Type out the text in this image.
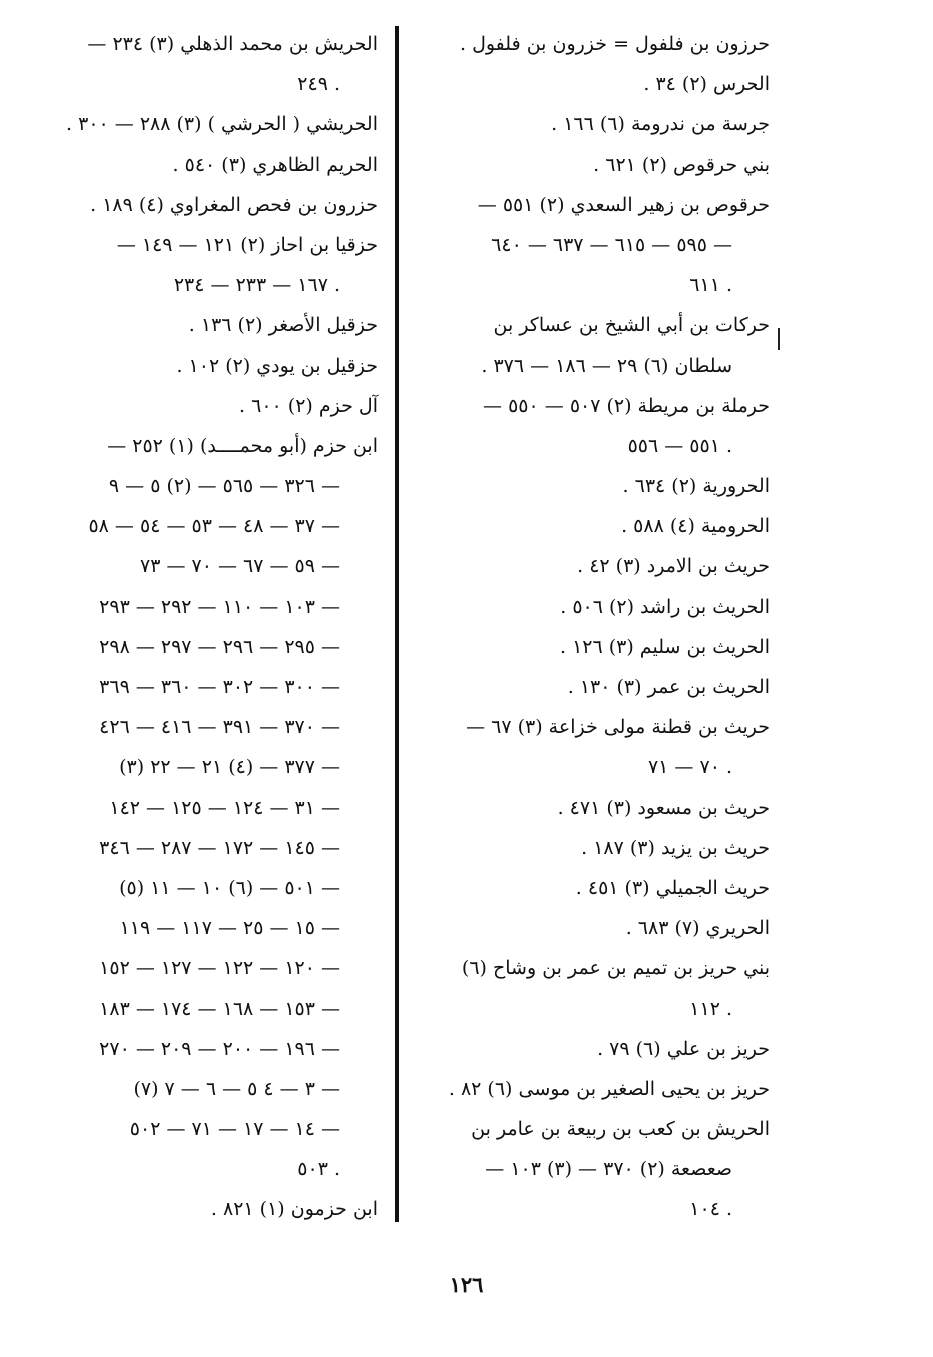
حرزون بن فلفول = خزرون بن فلفول .
الحرس (٢) ٣٤ .
جرسة من ندرومة (٦) ١٦٦ .
بني حرقوص (٢) ٦٢١ .
حرقوص بن زهير السعدي (٢) ٥٥١ —
٥٩٥ — ٦١٥ — ٦٣٧ — ٦٤٠ —
٦١١ .
حركات بن أبي الشيخ بن عساكر بن
سلطان (٦) ٢٩ — ١٨٦ — ٣٧٦ .
حرملة بن مريطة (٢) ٥٠٧ — ٥٥٠ —
٥٥١ — ٥٥٦ .
الحرورية (٢) ٦٣٤ .
الحرومية (٤) ٥٨٨ .
حريث بن الامرد (٣) ٤٢ .
الحريث بن راشد (٢) ٥٠٦ .
الحريث بن سليم (٣) ١٢٦ .
الحريث بن عمر (٣) ١٣٠ .
حريث بن قطنة مولى خزاعة (٣) ٦٧ —
٧٠ — ٧١ .
حريث بن مسعود (٣) ٤٧١ .
حريث بن يزيد (٣) ١٨٧ .
حريث الجميلي (٣) ٤٥١ .
الحريري (٧) ٦٨٣ .
بني حريز بن تميم بن عمر بن وشاح (٦)
١١٢ .
حريز بن علي (٦) ٧٩ .
حريز بن يحيى الصغير بن موسى (٦) ٨٢ .
الحريش بن كعب بن ربيعة بن عامر بن
صعصعة (٢) ٣٧٠ — (٣) ١٠٣ —
١٠٤ .
الحريش بن محمد الذهلي (٣) ٢٣٤ —
٢٤٩ .
الحريشي ( الحرشي ) (٣) ٢٨٨ — ٣٠٠ .
الحريم الظاهري (٣) ٥٤٠ .
حزرون بن فحص المغراوي (٤) ١٨٩ .
حزقيا بن احاز (٢) ١٢١ — ١٤٩ —
١٦٧ — ٢٣٣ — ٢٣٤ .
حزقيل الأصغر (٢) ١٣٦ .
حزقيل بن يودي (٢) ١٠٢ .
آل حزم (٢) ٦٠٠ .
ابن حزم (أبو محمــــد) (١) ٢٥٢ —
٣٢٦ — ٥٦٥ — (٢) ٥ — ٩ —
٣٧ — ٤٨ — ٥٣ — ٥٤ — ٥٨ —
٥٩ — ٦٧ — ٧٠ — ٧٣ —
١٠٣ — ١١٠ — ٢٩٢ — ٢٩٣ —
٢٩٥ — ٢٩٦ — ٢٩٧ — ٢٩٨ —
٣٠٠ — ٣٠٢ — ٣٦٠ — ٣٦٩ —
٣٧٠ — ٣٩١ — ٤١٦ — ٤٢٦ —
(٣) ٣٧٧ — (٤) ٢١ — ٢٢ —
٣١ — ١٢٤ — ١٢٥ — ١٤٢ —
١٤٥ — ١٧٢ — ٢٨٧ — ٣٤٦ —
(٥) ٥٠١ — (٦) ١٠ — ١١ —
١٥ — ٢٥ — ١١٧ — ١١٩ —
١٢٠ — ١٢٢ — ١٢٧ — ١٥٢ —
١٥٣ — ١٦٨ — ١٧٤ — ١٨٣ —
١٩٦ — ٢٠٠ — ٢٠٩ — ٢٧٠ —
(٧) ٣ — ٤ ٥ — ٦ — ٧ —
١٤ — ١٧ — ٧١ — ٥٠٢ —
٥٠٣ .
ابن حزمون (١) ٨٢١ .
١٢٦
